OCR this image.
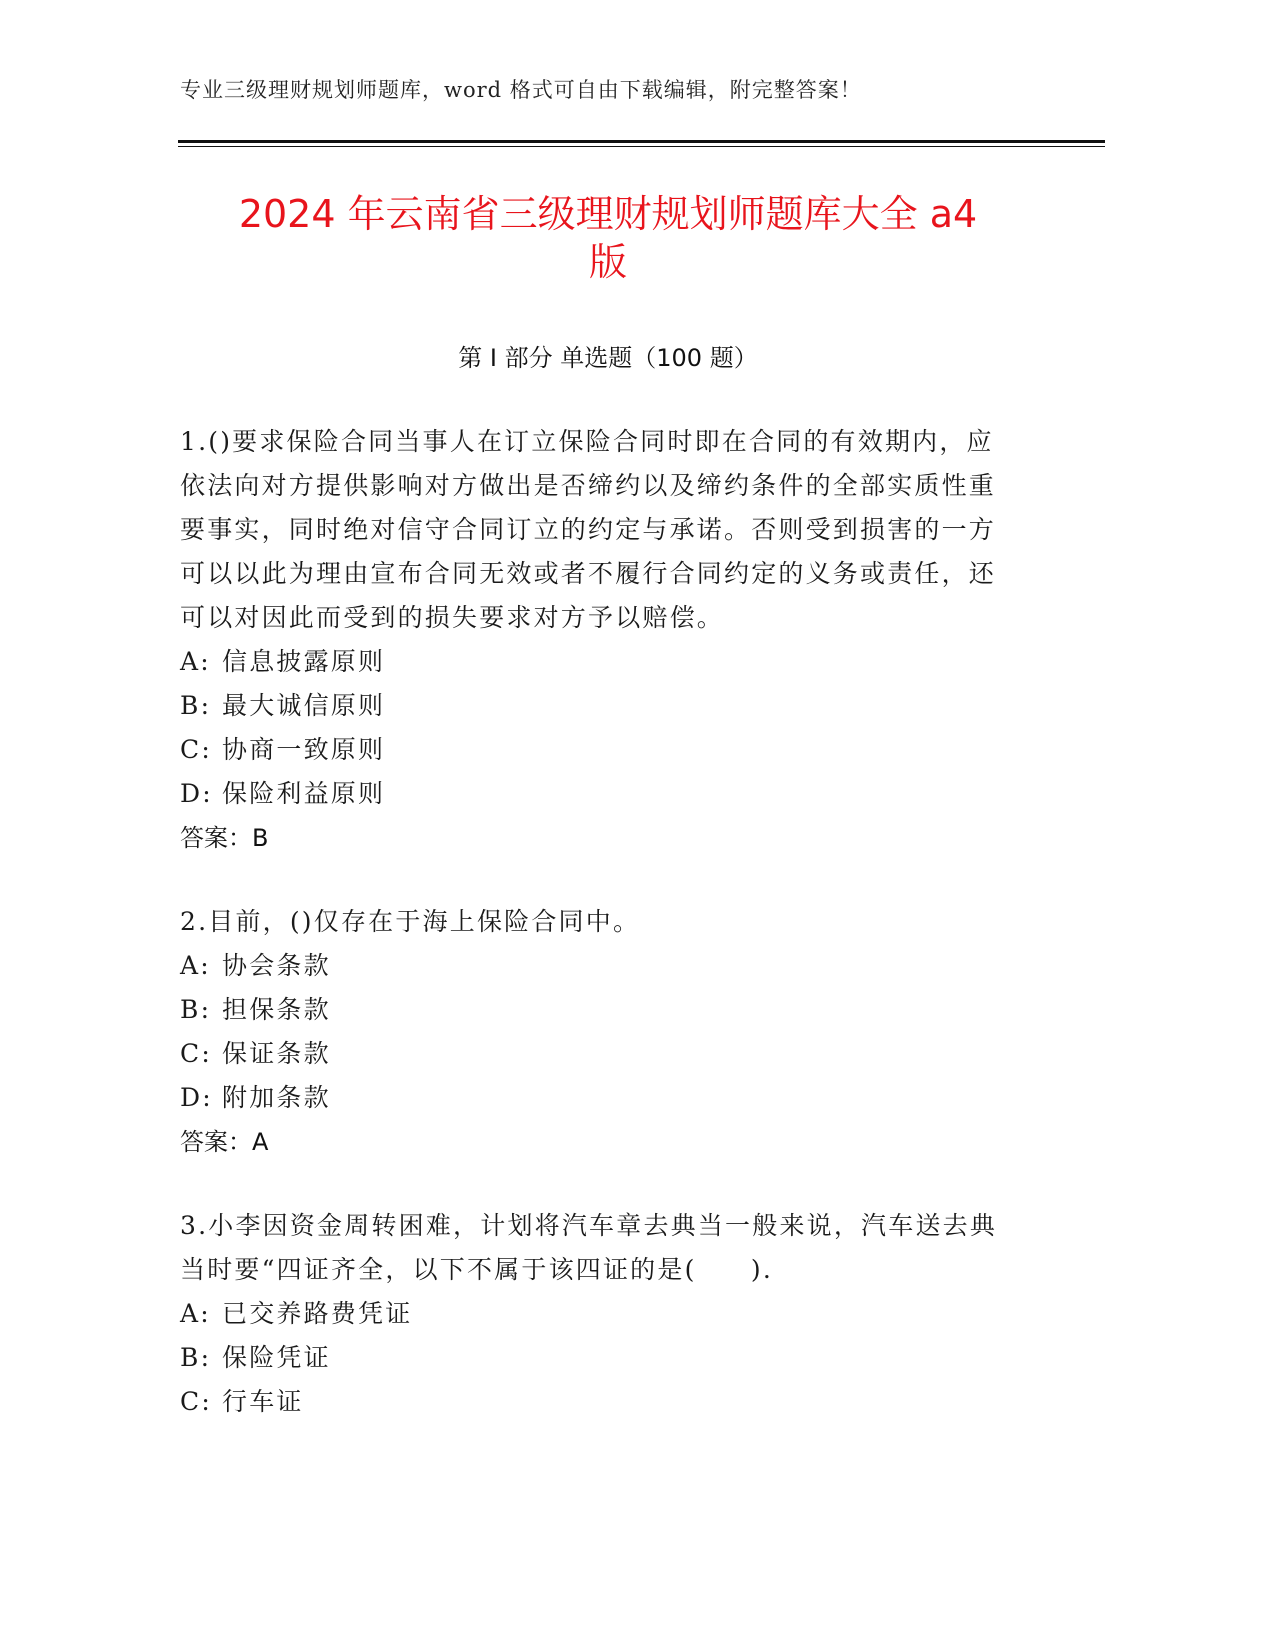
专业三级理财规划师题库，word 格式可自由下载编辑，附完整答案！
2024 年云南省三级理财规划师题库大全 a4
版
第 I 部分 单选题（100 题）

1.()要求保险合同当事人在订立保险合同时即在合同的有效期内，应依法向对方提供影响对方做出是否缔约以及缔约条件的全部实质性重要事实，同时绝对信守合同订立的约定与承诺。否则受到损害的一方可以以此为理由宣布合同无效或者不履行合同约定的义务或责任，还可以对因此而受到的损失要求对方予以赔偿。

A: 信息披露原则

B: 最大诚信原则

C: 协商一致原则

D: 保险利益原则

答案：B

2.目前，()仅存在于海上保险合同中。

A: 协会条款

B: 担保条款

C: 保证条款

D: 附加条款

答案：A

3.小李因资金周转困难，计划将汽车章去典当一般来说，汽车送去典当时要“四证齐全，以下不属于该四证的是(　　).

A: 已交养路费凭证

B: 保险凭证

C: 行车证
